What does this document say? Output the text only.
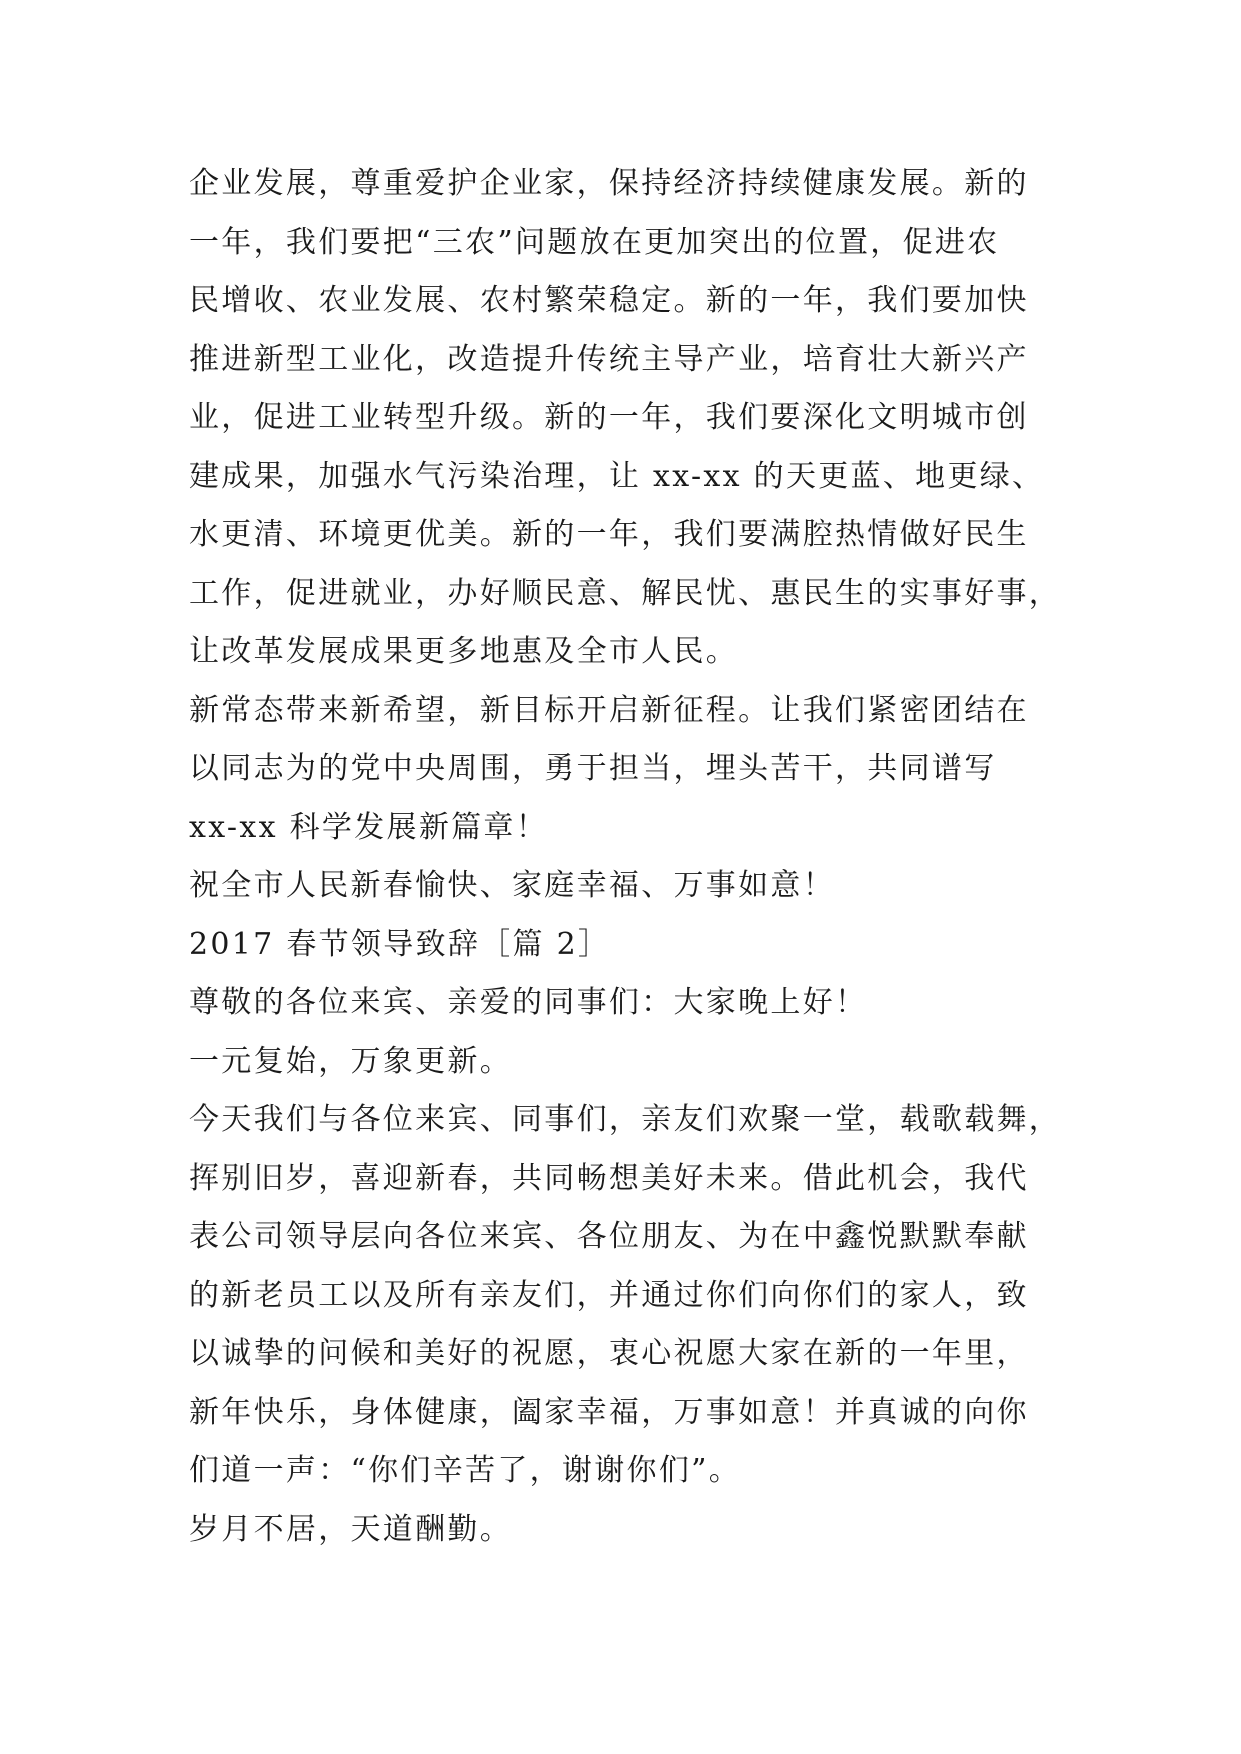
企业发展，尊重爱护企业家，保持经济持续健康发展。新的
一年，我们要把“三农”问题放在更加突出的位置，促进农
民增收、农业发展、农村繁荣稳定。新的一年，我们要加快
推进新型工业化，改造提升传统主导产业，培育壮大新兴产
业，促进工业转型升级。新的一年，我们要深化文明城市创
建成果，加强水气污染治理，让 xx-xx 的天更蓝、地更绿、
水更清、环境更优美。新的一年，我们要满腔热情做好民生
工作，促进就业，办好顺民意、解民忧、惠民生的实事好事，
让改革发展成果更多地惠及全市人民。
新常态带来新希望，新目标开启新征程。让我们紧密团结在
以同志为的党中央周围，勇于担当，埋头苦干，共同谱写
xx-xx 科学发展新篇章！
祝全市人民新春愉快、家庭幸福、万事如意！
2017 春节领导致辞［篇 2］
尊敬的各位来宾、亲爱的同事们：大家晚上好！
一元复始，万象更新。
今天我们与各位来宾、同事们，亲友们欢聚一堂，载歌载舞，
挥别旧岁，喜迎新春，共同畅想美好未来。借此机会，我代
表公司领导层向各位来宾、各位朋友、为在中鑫悦默默奉献
的新老员工以及所有亲友们，并通过你们向你们的家人，致
以诚挚的问候和美好的祝愿，衷心祝愿大家在新的一年里，
新年快乐，身体健康，阖家幸福，万事如意！并真诚的向你
们道一声：“你们辛苦了，谢谢你们”。
岁月不居，天道酬勤。
